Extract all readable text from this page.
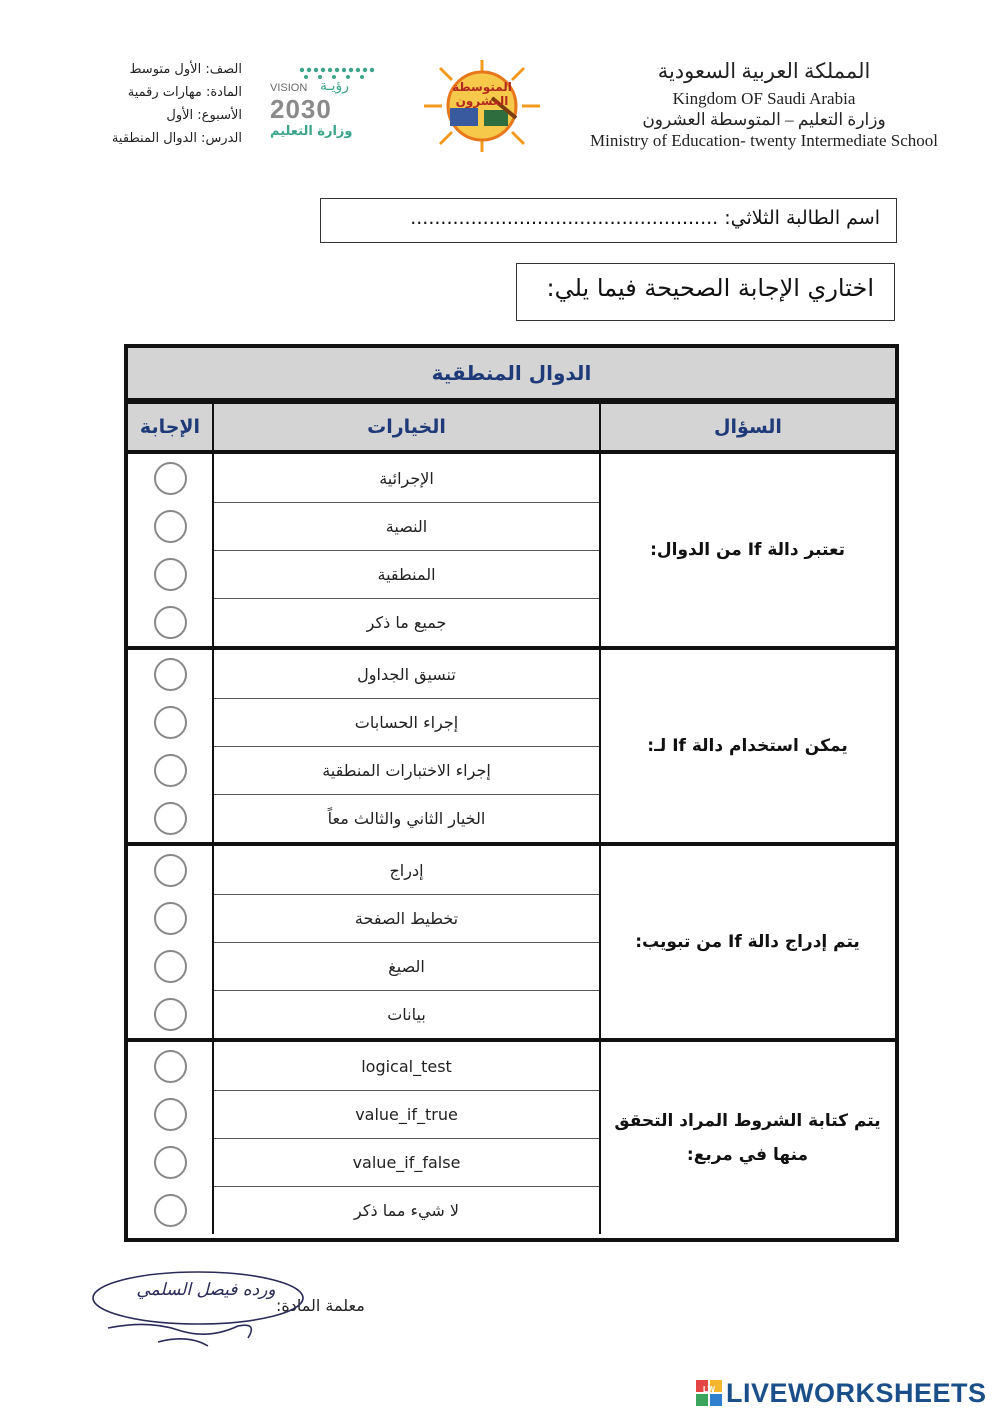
الصف: الأول متوسط
المادة: مهارات رقمية
الأسبوع: الأول
الدرس: الدوال المنطقية
VISION رؤيـة
2030
وزارة التعليم
المتوسطة العشرون
المملكة العربية السعودية
Kingdom OF Saudi Arabia
وزارة التعليم – المتوسطة العشرون
Ministry of Education- twenty Intermediate School
اسم الطالبة الثلاثي: ...................................................
اختاري الإجابة الصحيحة فيما يلي:
الدوال المنطقية
الإجابة	الخيارات	السؤال
تعتبر دالة If من الدوال:
الإجرائية
النصية
المنطقية
جميع ما ذكر
يمكن استخدام دالة If لـ:
تنسيق الجداول
إجراء الحسابات
إجراء الاختبارات المنطقية
الخيار الثاني والثالث معاً
يتم إدراج دالة If من تبويب:
إدراج
تخطيط الصفحة
الصيغ
بيانات
يتم كتابة الشروط المراد التحقق منها في مربع:
logical_test
value_if_true
value_if_false
لا شيء مما ذكر
معلمة المادة:
ورده فيصل السلمي
LW LIVEWORKSHEETS
